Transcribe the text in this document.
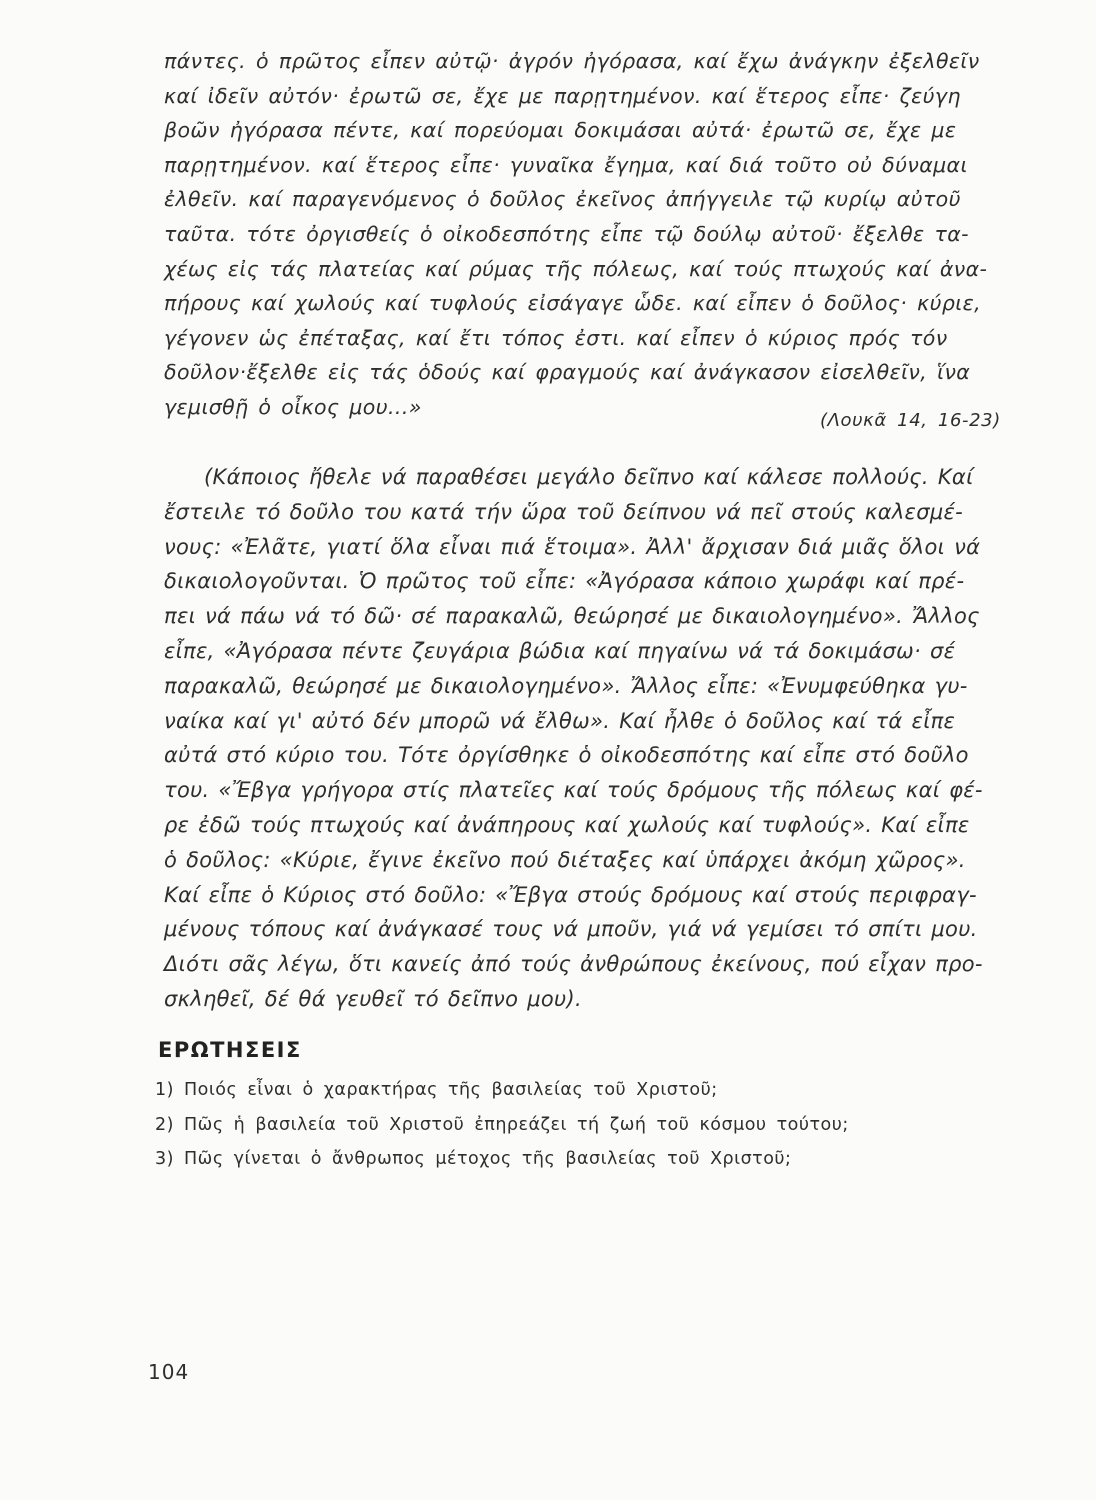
πάντες. ὁ πρῶτος εἶπεν αὐτῷ· ἀγρόν ἠγόρασα, καί ἔχω ἀνάγκην ἐξελθεῖν
καί ἰδεῖν αὐτόν· ἐρωτῶ σε, ἔχε με παρῃτημένον. καί ἕτερος εἶπε· ζεύγη
βοῶν ἠγόρασα πέντε, καί πορεύομαι δοκιμάσαι αὐτά· ἐρωτῶ σε, ἔχε με
παρῃτημένον. καί ἕτερος εἶπε· γυναῖκα ἔγημα, καί διά τοῦτο οὐ δύναμαι
ἐλθεῖν. καί παραγενόμενος ὁ δοῦλος ἐκεῖνος ἀπήγγειλε τῷ κυρίῳ αὐτοῦ
ταῦτα. τότε ὀργισθείς ὁ οἰκοδεσπότης εἶπε τῷ δούλῳ αὐτοῦ· ἔξελθε τα-
χέως εἰς τάς πλατείας καί ρύμας τῆς πόλεως, καί τούς πτωχούς καί ἀνα-
πήρους καί χωλούς καί τυφλούς εἰσάγαγε ὧδε. καί εἶπεν ὁ δοῦλος· κύριε,
γέγονεν ὡς ἐπέταξας, καί ἔτι τόπος ἐστι. καί εἶπεν ὁ κύριος πρός τόν
δοῦλον·ἔξελθε εἰς τάς ὁδούς καί φραγμούς καί ἀνάγκασον εἰσελθεῖν, ἵνα
γεμισθῇ ὁ οἶκος μου...»
(Λουκᾶ 14, 16-23)
(Κάποιος ἤθελε νά παραθέσει μεγάλο δεῖπνο καί κάλεσε πολλούς. Καί
ἔστειλε τό δοῦλο του κατά τήν ὥρα τοῦ δείπνου νά πεῖ στούς καλεσμέ-
νους: «Ἐλᾶτε, γιατί ὅλα εἶναι πιά ἕτοιμα». Ἀλλ' ἄρχισαν διά μιᾶς ὅλοι νά
δικαιολογοῦνται. Ὁ πρῶτος τοῦ εἶπε: «Ἀγόρασα κάποιο χωράφι καί πρέ-
πει νά πάω νά τό δῶ· σέ παρακαλῶ, θεώρησέ με δικαιολογημένο». Ἄλλος
εἶπε, «Ἀγόρασα πέντε ζευγάρια βώδια καί πηγαίνω νά τά δοκιμάσω· σέ
παρακαλῶ, θεώρησέ με δικαιολογημένο». Ἄλλος εἶπε: «Ἐνυμφεύθηκα γυ-
ναίκα καί γι' αὐτό δέν μπορῶ νά ἔλθω». Καί ἦλθε ὁ δοῦλος καί τά εἶπε
αὐτά στό κύριο του. Τότε ὀργίσθηκε ὁ οἰκοδεσπότης καί εἶπε στό δοῦλο
του. «Ἔβγα γρήγορα στίς πλατεῖες καί τούς δρόμους τῆς πόλεως καί φέ-
ρε ἐδῶ τούς πτωχούς καί ἀνάπηρους καί χωλούς καί τυφλούς». Καί εἶπε
ὁ δοῦλος: «Κύριε, ἔγινε ἐκεῖνο πού διέταξες καί ὑπάρχει ἀκόμη χῶρος».
Καί εἶπε ὁ Κύριος στό δοῦλο: «Ἔβγα στούς δρόμους καί στούς περιφραγ-
μένους τόπους καί ἀνάγκασέ τους νά μποῦν, γιά νά γεμίσει τό σπίτι μου.
Διότι σᾶς λέγω, ὅτι κανείς ἀπό τούς ἀνθρώπους ἐκείνους, πού εἶχαν προ-
σκληθεῖ, δέ θά γευθεῖ τό δεῖπνο μου).
ΕΡΩΤΗΣΕΙΣ
1) Ποιός εἶναι ὁ χαρακτήρας τῆς βασιλείας τοῦ Χριστοῦ;
2) Πῶς ἡ βασιλεία τοῦ Χριστοῦ ἐπηρεάζει τή ζωή τοῦ κόσμου τούτου;
3) Πῶς γίνεται ὁ ἄνθρωπος μέτοχος τῆς βασιλείας τοῦ Χριστοῦ;
104
